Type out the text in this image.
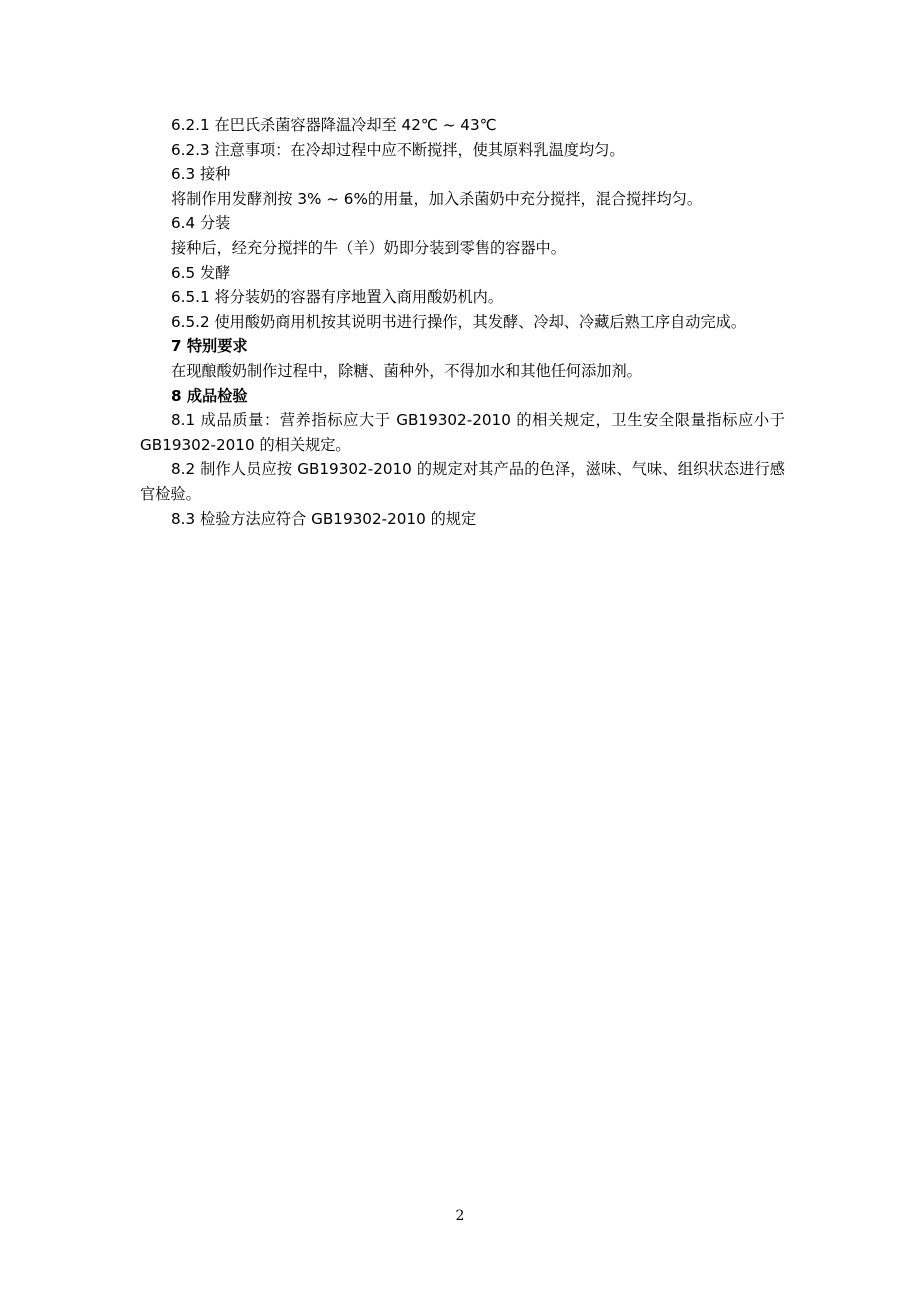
6.2.1 在巴氏杀菌容器降温冷却至 42℃ ~ 43℃
6.2.3 注意事项：在冷却过程中应不断搅拌，使其原料乳温度均匀。
6.3 接种
将制作用发酵剂按 3% ~ 6%的用量，加入杀菌奶中充分搅拌，混合搅拌均匀。
6.4 分装
接种后，经充分搅拌的牛（羊）奶即分装到零售的容器中。
6.5 发酵
6.5.1 将分装奶的容器有序地置入商用酸奶机内。
6.5.2 使用酸奶商用机按其说明书进行操作，其发酵、冷却、冷藏后熟工序自动完成。
7 特别要求
在现酿酸奶制作过程中，除糖、菌种外，不得加水和其他任何添加剂。
8 成品检验

8.1 成品质量：营养指标应大于 GB19302-2010 的相关规定，卫生安全限量指标应小于 GB19302-2010 的相关规定。

8.2 制作人员应按 GB19302-2010 的规定对其产品的色泽，滋味、气味、组织状态进行感官检验。

8.3 检验方法应符合 GB19302-2010 的规定
2
